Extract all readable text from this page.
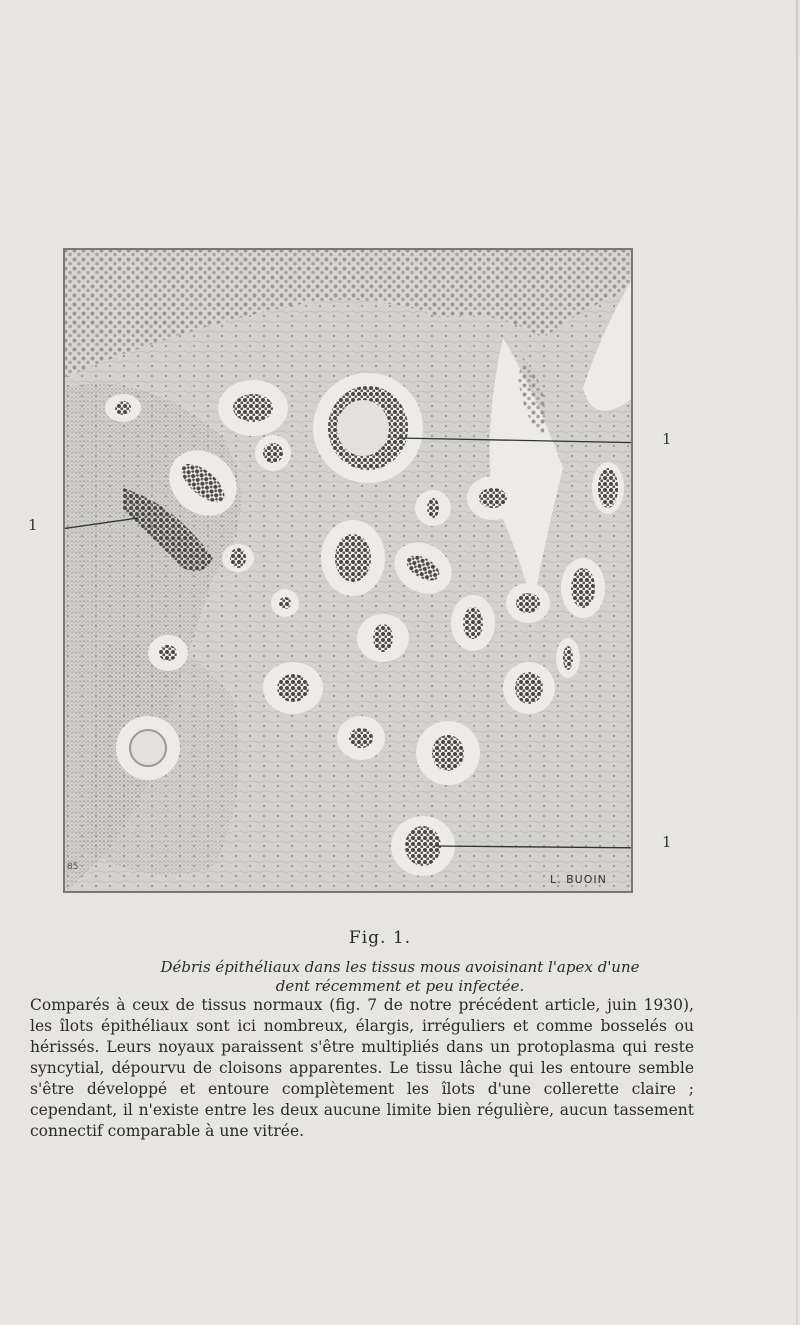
1
1
1
L. BUOIN
85
Fig. 1.
Débris épithéliaux dans les tissus mous avoisinant l'apex d'une
dent récemment et peu infectée.
Comparés à ceux de tissus normaux (fig. 7 de notre précédent article, juin 1930), les îlots épithéliaux sont ici nombreux, élargis, irréguliers et comme bosselés ou hérissés. Leurs noyaux paraissent s'être multipliés dans un protoplasma qui reste syncytial, dépourvu de cloisons apparentes. Le tissu lâche qui les entoure semble s'être développé et entoure complètement les îlots d'une collerette claire ; cependant, il n'existe entre les deux aucune limite bien régulière, aucun tassement connectif comparable à une vitrée.
